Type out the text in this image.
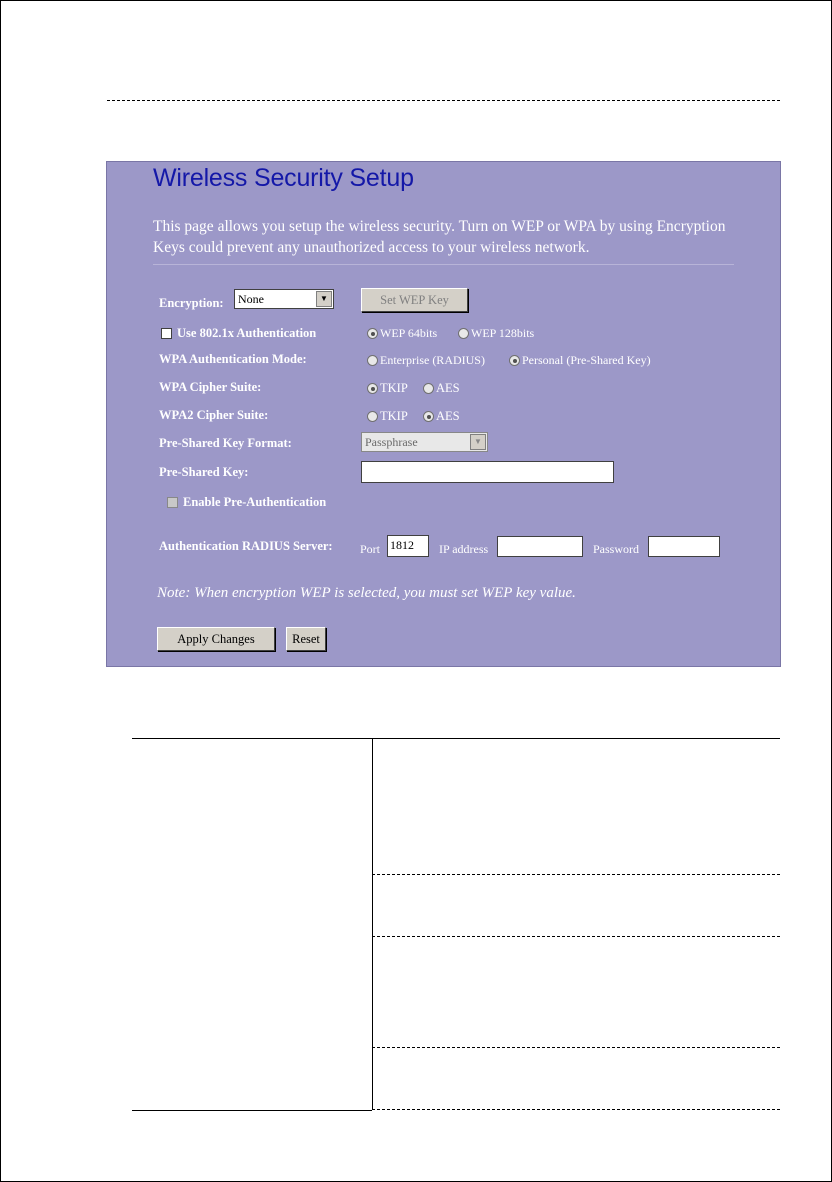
Wireless Security Setup
This page allows you setup the wireless security. Turn on WEP or WPA by using Encryption Keys could prevent any unauthorized access to your wireless network.
Encryption:	None	▼	Set WEP Key
Use 802.1x Authentication	WEP 64bits	WEP 128bits
WPA Authentication Mode:	Enterprise (RADIUS)	Personal (Pre-Shared Key)
WPA Cipher Suite:	TKIP AES
WPA2 Cipher Suite:	TKIP AES
Pre-Shared Key Format:	Passphrase	▼
Pre-Shared Key:
Enable Pre-Authentication
Authentication RADIUS Server: Port 1812	IP address	Password
Note: When encryption WEP is selected, you must set WEP key value.
Apply Changes	Reset
